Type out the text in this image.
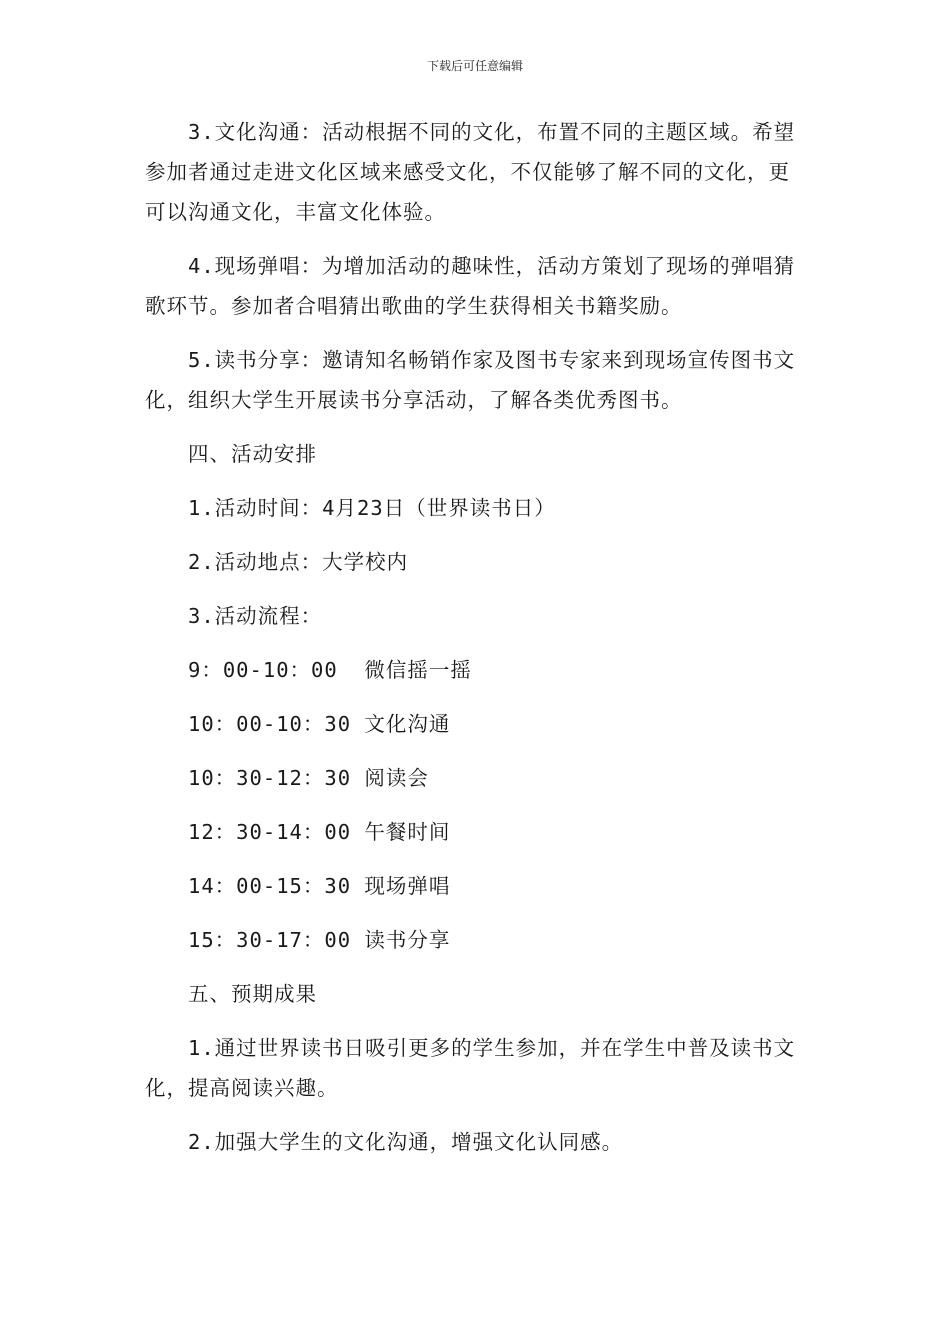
下载后可任意编辑

3.文化沟通：活动根据不同的文化，布置不同的主题区域。希望参加者通过走进文化区域来感受文化，不仅能够了解不同的文化，更可以沟通文化，丰富文化体验。

4.现场弹唱：为增加活动的趣味性，活动方策划了现场的弹唱猜歌环节。参加者合唱猜出歌曲的学生获得相关书籍奖励。

5.读书分享：邀请知名畅销作家及图书专家来到现场宣传图书文化，组织大学生开展读书分享活动，了解各类优秀图书。

四、活动安排

1.活动时间：4月23日（世界读书日）

2.活动地点：大学校内

3.活动流程：

9：00-10：00  微信摇一摇

10：00-10：30 文化沟通

10：30-12：30 阅读会

12：30-14：00 午餐时间

14：00-15：30 现场弹唱

15：30-17：00 读书分享

五、预期成果

1.通过世界读书日吸引更多的学生参加，并在学生中普及读书文化，提高阅读兴趣。

2.加强大学生的文化沟通，增强文化认同感。
